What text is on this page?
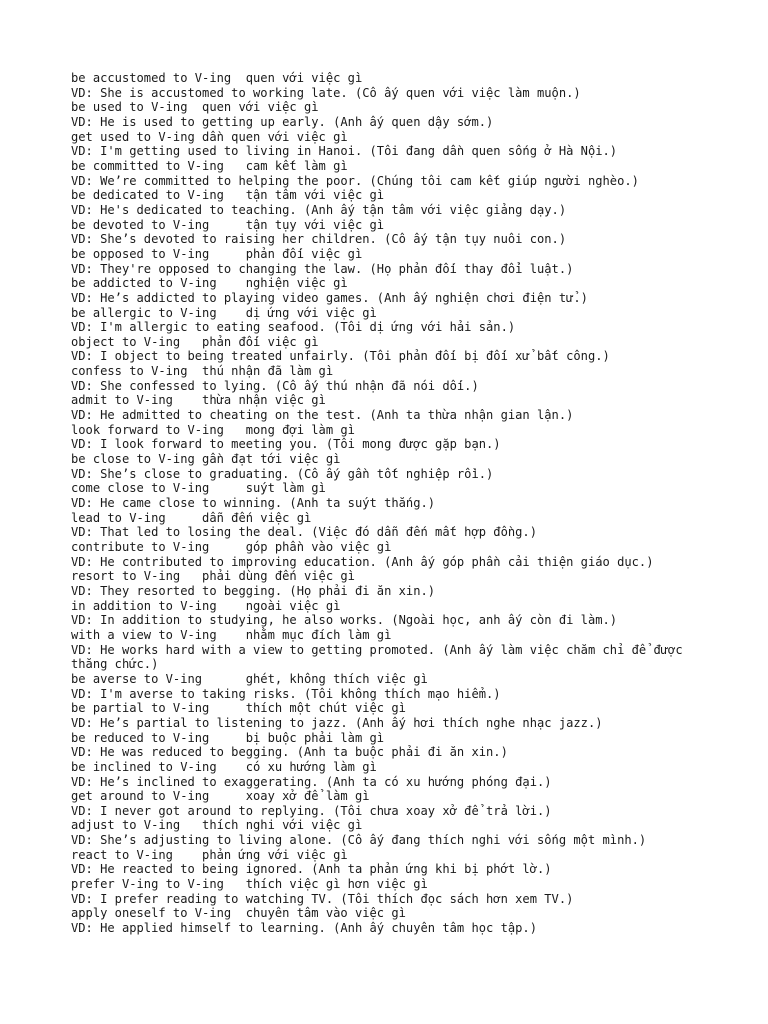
be accustomed to V-ing  quen với việc gì
VD: She is accustomed to working late. (Cô ấy quen với việc làm muộn.)
be used to V-ing  quen với việc gì
VD: He is used to getting up early. (Anh ấy quen dậy sớm.)
get used to V-ing dần quen với việc gì
VD: I'm getting used to living in Hanoi. (Tôi đang dần quen sống ở Hà Nội.)
be committed to V-ing   cam kết làm gì
VD: We’re committed to helping the poor. (Chúng tôi cam kết giúp người nghèo.)
be dedicated to V-ing   tận tâm với việc gì
VD: He's dedicated to teaching. (Anh ấy tận tâm với việc giảng dạy.)
be devoted to V-ing     tận tụy với việc gì
VD: She’s devoted to raising her children. (Cô ấy tận tụy nuôi con.)
be opposed to V-ing     phản đối việc gì
VD: They're opposed to changing the law. (Họ phản đối thay đổi luật.)
be addicted to V-ing    nghiện việc gì
VD: He’s addicted to playing video games. (Anh ấy nghiện chơi điện tử.)
be allergic to V-ing    dị ứng với việc gì
VD: I'm allergic to eating seafood. (Tôi dị ứng với hải sản.)
object to V-ing   phản đối việc gì
VD: I object to being treated unfairly. (Tôi phản đối bị đối xử bất công.)
confess to V-ing  thú nhận đã làm gì
VD: She confessed to lying. (Cô ấy thú nhận đã nói dối.)
admit to V-ing    thừa nhận việc gì
VD: He admitted to cheating on the test. (Anh ta thừa nhận gian lận.)
look forward to V-ing   mong đợi làm gì
VD: I look forward to meeting you. (Tôi mong được gặp bạn.)
be close to V-ing gần đạt tới việc gì
VD: She’s close to graduating. (Cô ấy gần tốt nghiệp rồi.)
come close to V-ing     suýt làm gì
VD: He came close to winning. (Anh ta suýt thắng.)
lead to V-ing     dẫn đến việc gì
VD: That led to losing the deal. (Việc đó dẫn đến mất hợp đồng.)
contribute to V-ing     góp phần vào việc gì
VD: He contributed to improving education. (Anh ấy góp phần cải thiện giáo dục.)
resort to V-ing   phải dùng đến việc gì
VD: They resorted to begging. (Họ phải đi ăn xin.)
in addition to V-ing    ngoài việc gì
VD: In addition to studying, he also works. (Ngoài học, anh ấy còn đi làm.)
with a view to V-ing    nhằm mục đích làm gì
VD: He works hard with a view to getting promoted. (Anh ấy làm việc chăm chỉ để được thăng chức.)
be averse to V-ing      ghét, không thích việc gì
VD: I'm averse to taking risks. (Tôi không thích mạo hiểm.)
be partial to V-ing     thích một chút việc gì
VD: He’s partial to listening to jazz. (Anh ấy hơi thích nghe nhạc jazz.)
be reduced to V-ing     bị buộc phải làm gì
VD: He was reduced to begging. (Anh ta buộc phải đi ăn xin.)
be inclined to V-ing    có xu hướng làm gì
VD: He’s inclined to exaggerating. (Anh ta có xu hướng phóng đại.)
get around to V-ing     xoay xở để làm gì
VD: I never got around to replying. (Tôi chưa xoay xở để trả lời.)
adjust to V-ing   thích nghi với việc gì
VD: She’s adjusting to living alone. (Cô ấy đang thích nghi với sống một mình.)
react to V-ing    phản ứng với việc gì
VD: He reacted to being ignored. (Anh ta phản ứng khi bị phớt lờ.)
prefer V-ing to V-ing   thích việc gì hơn việc gì
VD: I prefer reading to watching TV. (Tôi thích đọc sách hơn xem TV.)
apply oneself to V-ing  chuyên tâm vào việc gì
VD: He applied himself to learning. (Anh ấy chuyên tâm học tập.)
